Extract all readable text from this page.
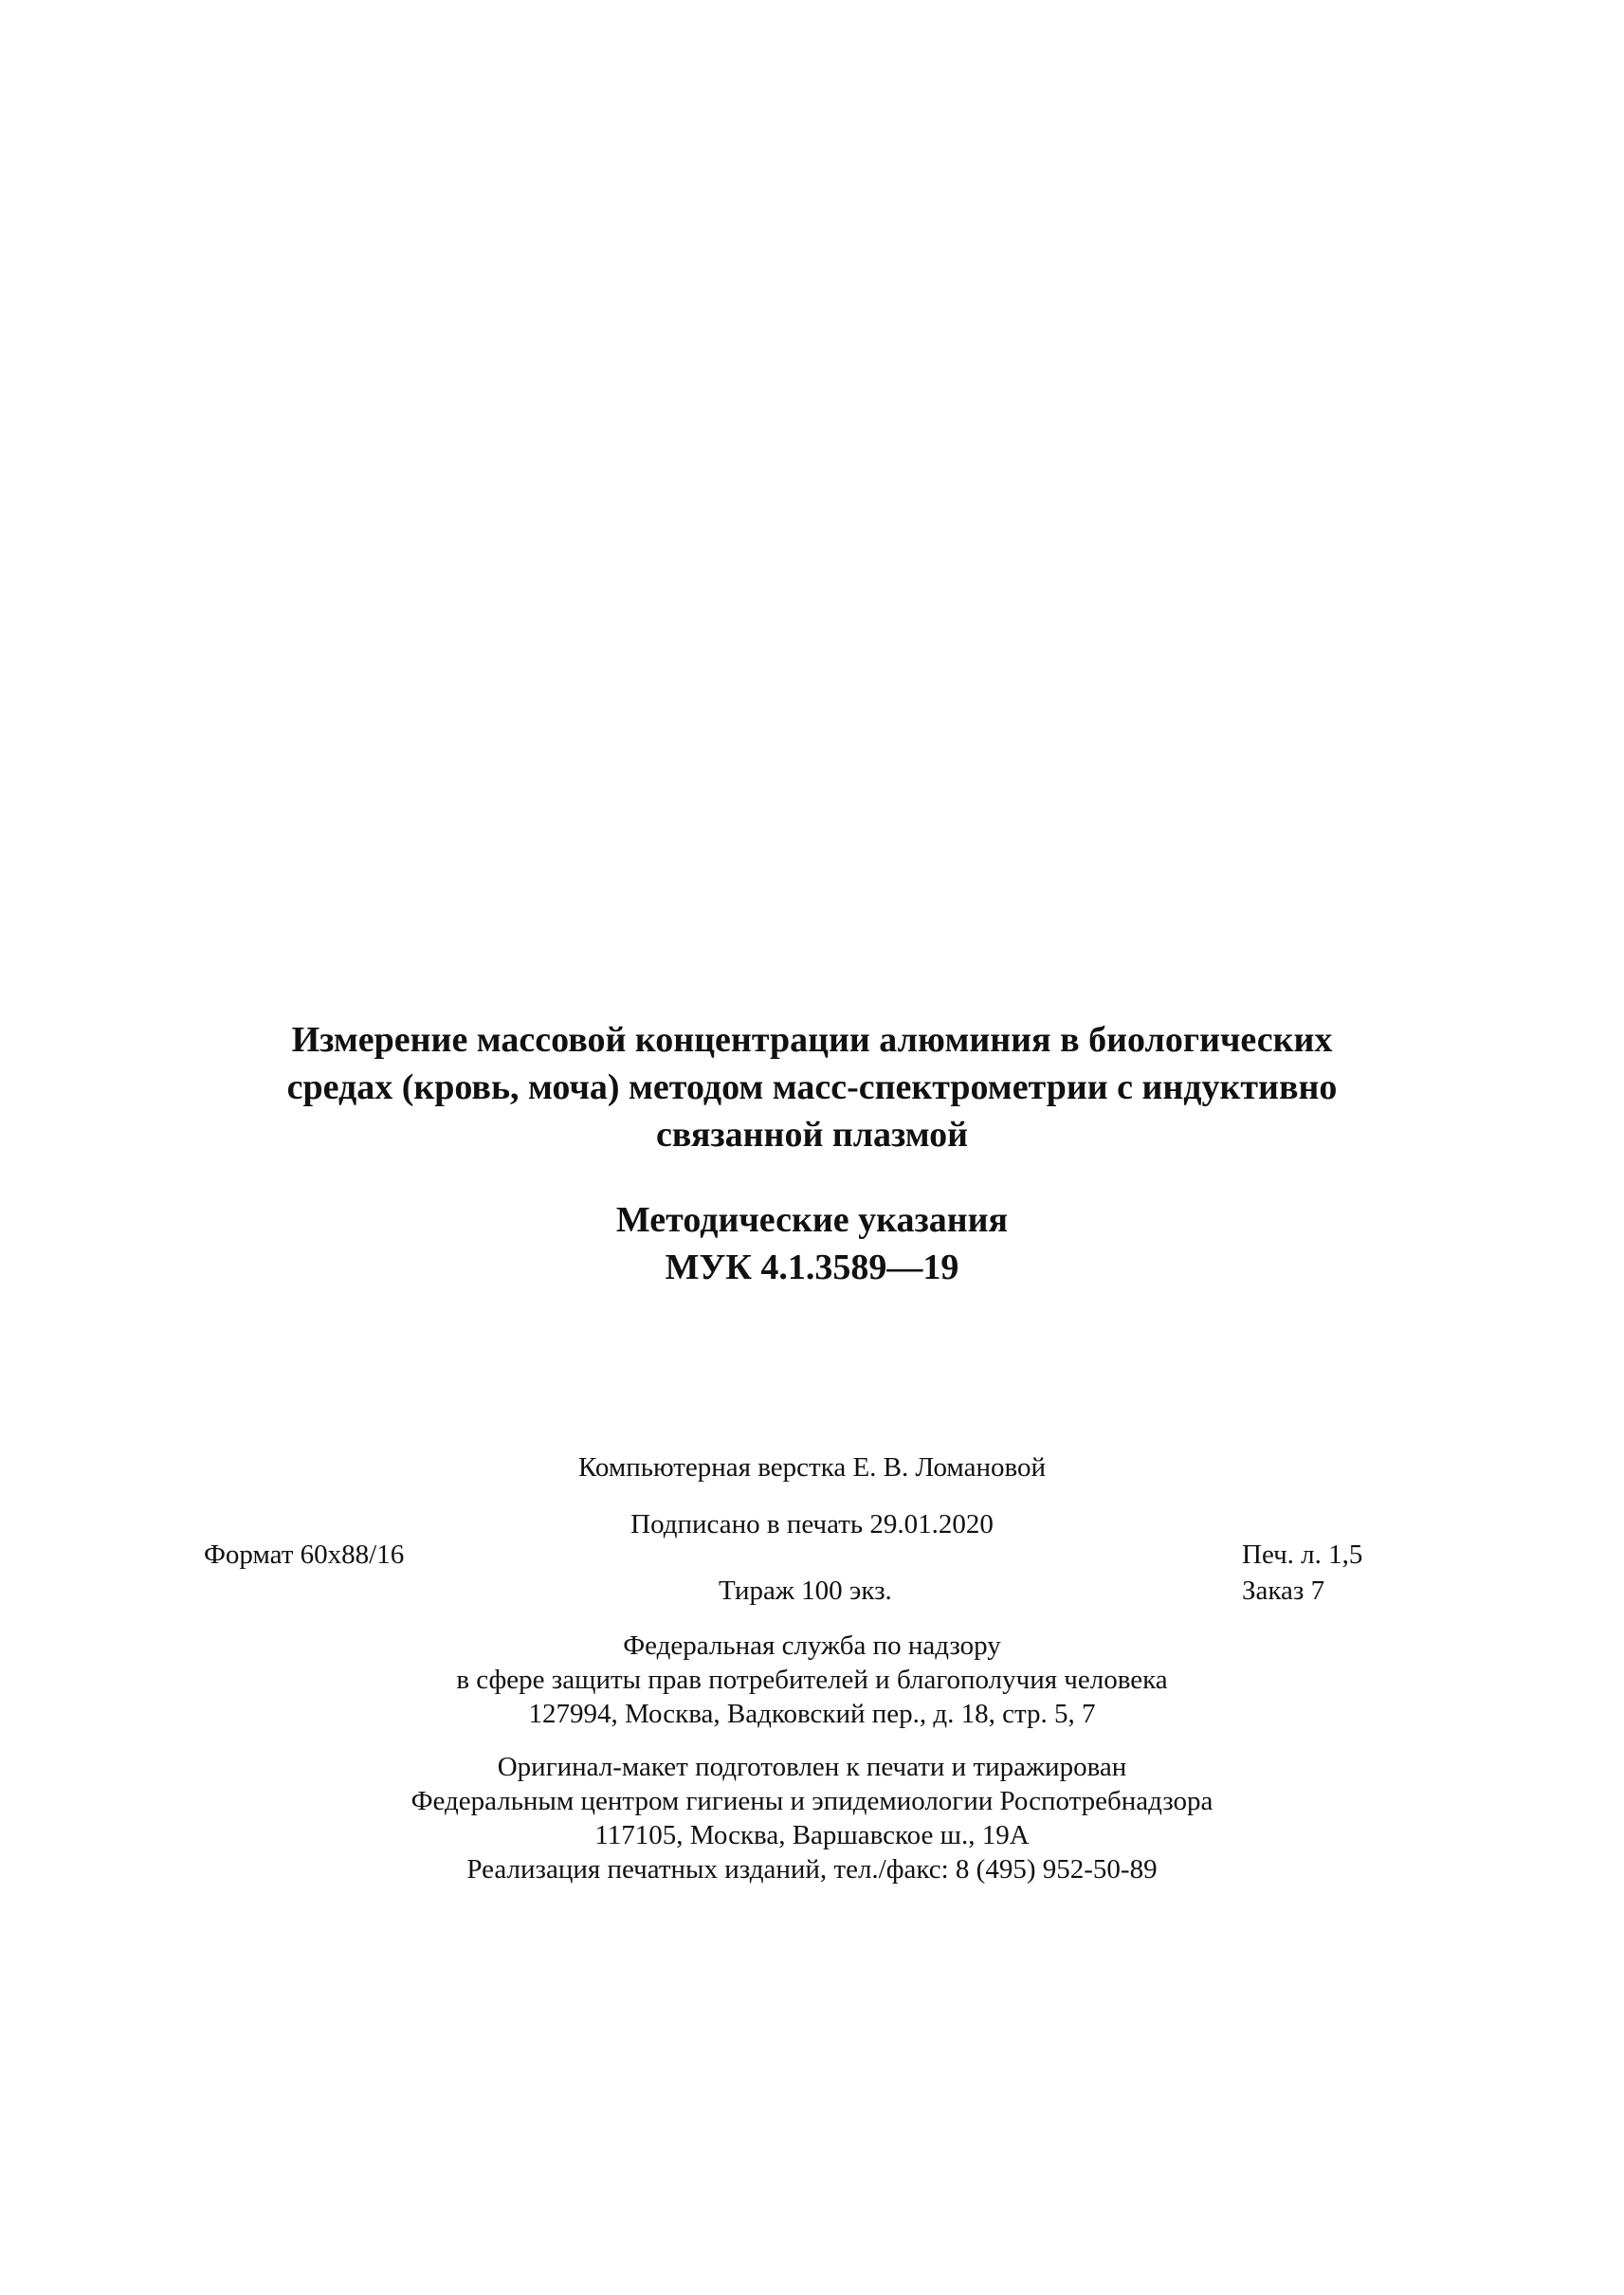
Измерение массовой концентрации алюминия в биологических
средах (кровь, моча) методом масс-спектрометрии с индуктивно
связанной плазмой
Методические указания
МУК 4.1.3589—19
Компьютерная верстка Е. В. Ломановой
Подписано в печать 29.01.2020
Формат 60x88/16	Печ. л. 1,5
Тираж 100 экз.	Заказ 7
Федеральная служба по надзору
в сфере защиты прав потребителей и благополучия человека
127994, Москва, Вадковский пер., д. 18, стр. 5, 7
Оригинал-макет подготовлен к печати и тиражирован
Федеральным центром гигиены и эпидемиологии Роспотребнадзора
117105, Москва, Варшавское ш., 19А
Реализация печатных изданий, тел./факс: 8 (495) 952-50-89
